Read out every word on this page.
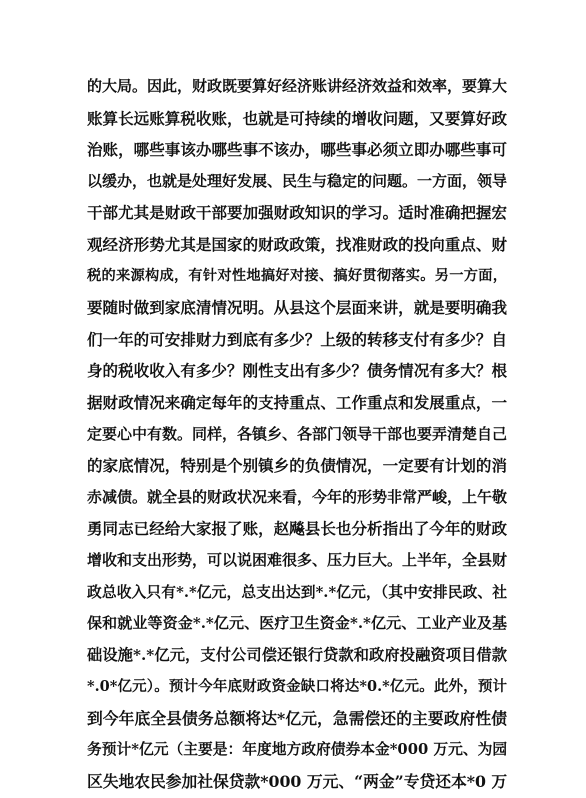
的大局。因此，财政既要算好经济账讲经济效益和效率，要算大
账算长远账算税收账，也就是可持续的增收问题，又要算好政
治账，哪些事该办哪些事不该办，哪些事必须立即办哪些事可
以缓办，也就是处理好发展、民生与稳定的问题。一方面，领导
干部尤其是财政干部要加强财政知识的学习。适时准确把握宏
观经济形势尤其是国家的财政政策，找准财政的投向重点、财
税的来源构成，有针对性地搞好对接、搞好贯彻落实。另一方面，
要随时做到家底清情况明。从县这个层面来讲，就是要明确我
们一年的可安排财力到底有多少？上级的转移支付有多少？自
身的税收收入有多少？刚性支出有多少？债务情况有多大？根
据财政情况来确定每年的支持重点、工作重点和发展重点，一
定要心中有数。同样，各镇乡、各部门领导干部也要弄清楚自己
的家底情况，特别是个别镇乡的负债情况，一定要有计划的消
赤减债。就全县的财政状况来看，今年的形势非常严峻，上午敬
勇同志已经给大家报了账，赵飚县长也分析指出了今年的财政
增收和支出形势，可以说困难很多、压力巨大。上半年，全县财
政总收入只有*.*亿元，总支出达到*.*亿元，（其中安排民政、社
保和就业等资金*.*亿元、医疗卫生资金*.*亿元、工业产业及基
础设施*.*亿元，支付公司偿还银行贷款和政府投融资项目借款
*.0*亿元）。预计今年底财政资金缺口将达*0.*亿元。此外，预计
到今年底全县债务总额将达*亿元，急需偿还的主要政府性债
务预计*亿元（主要是：年度地方政府债券本金*000 万元、为园
区失地农民参加社保贷款*000 万元、“两金”专贷还本*0 万
